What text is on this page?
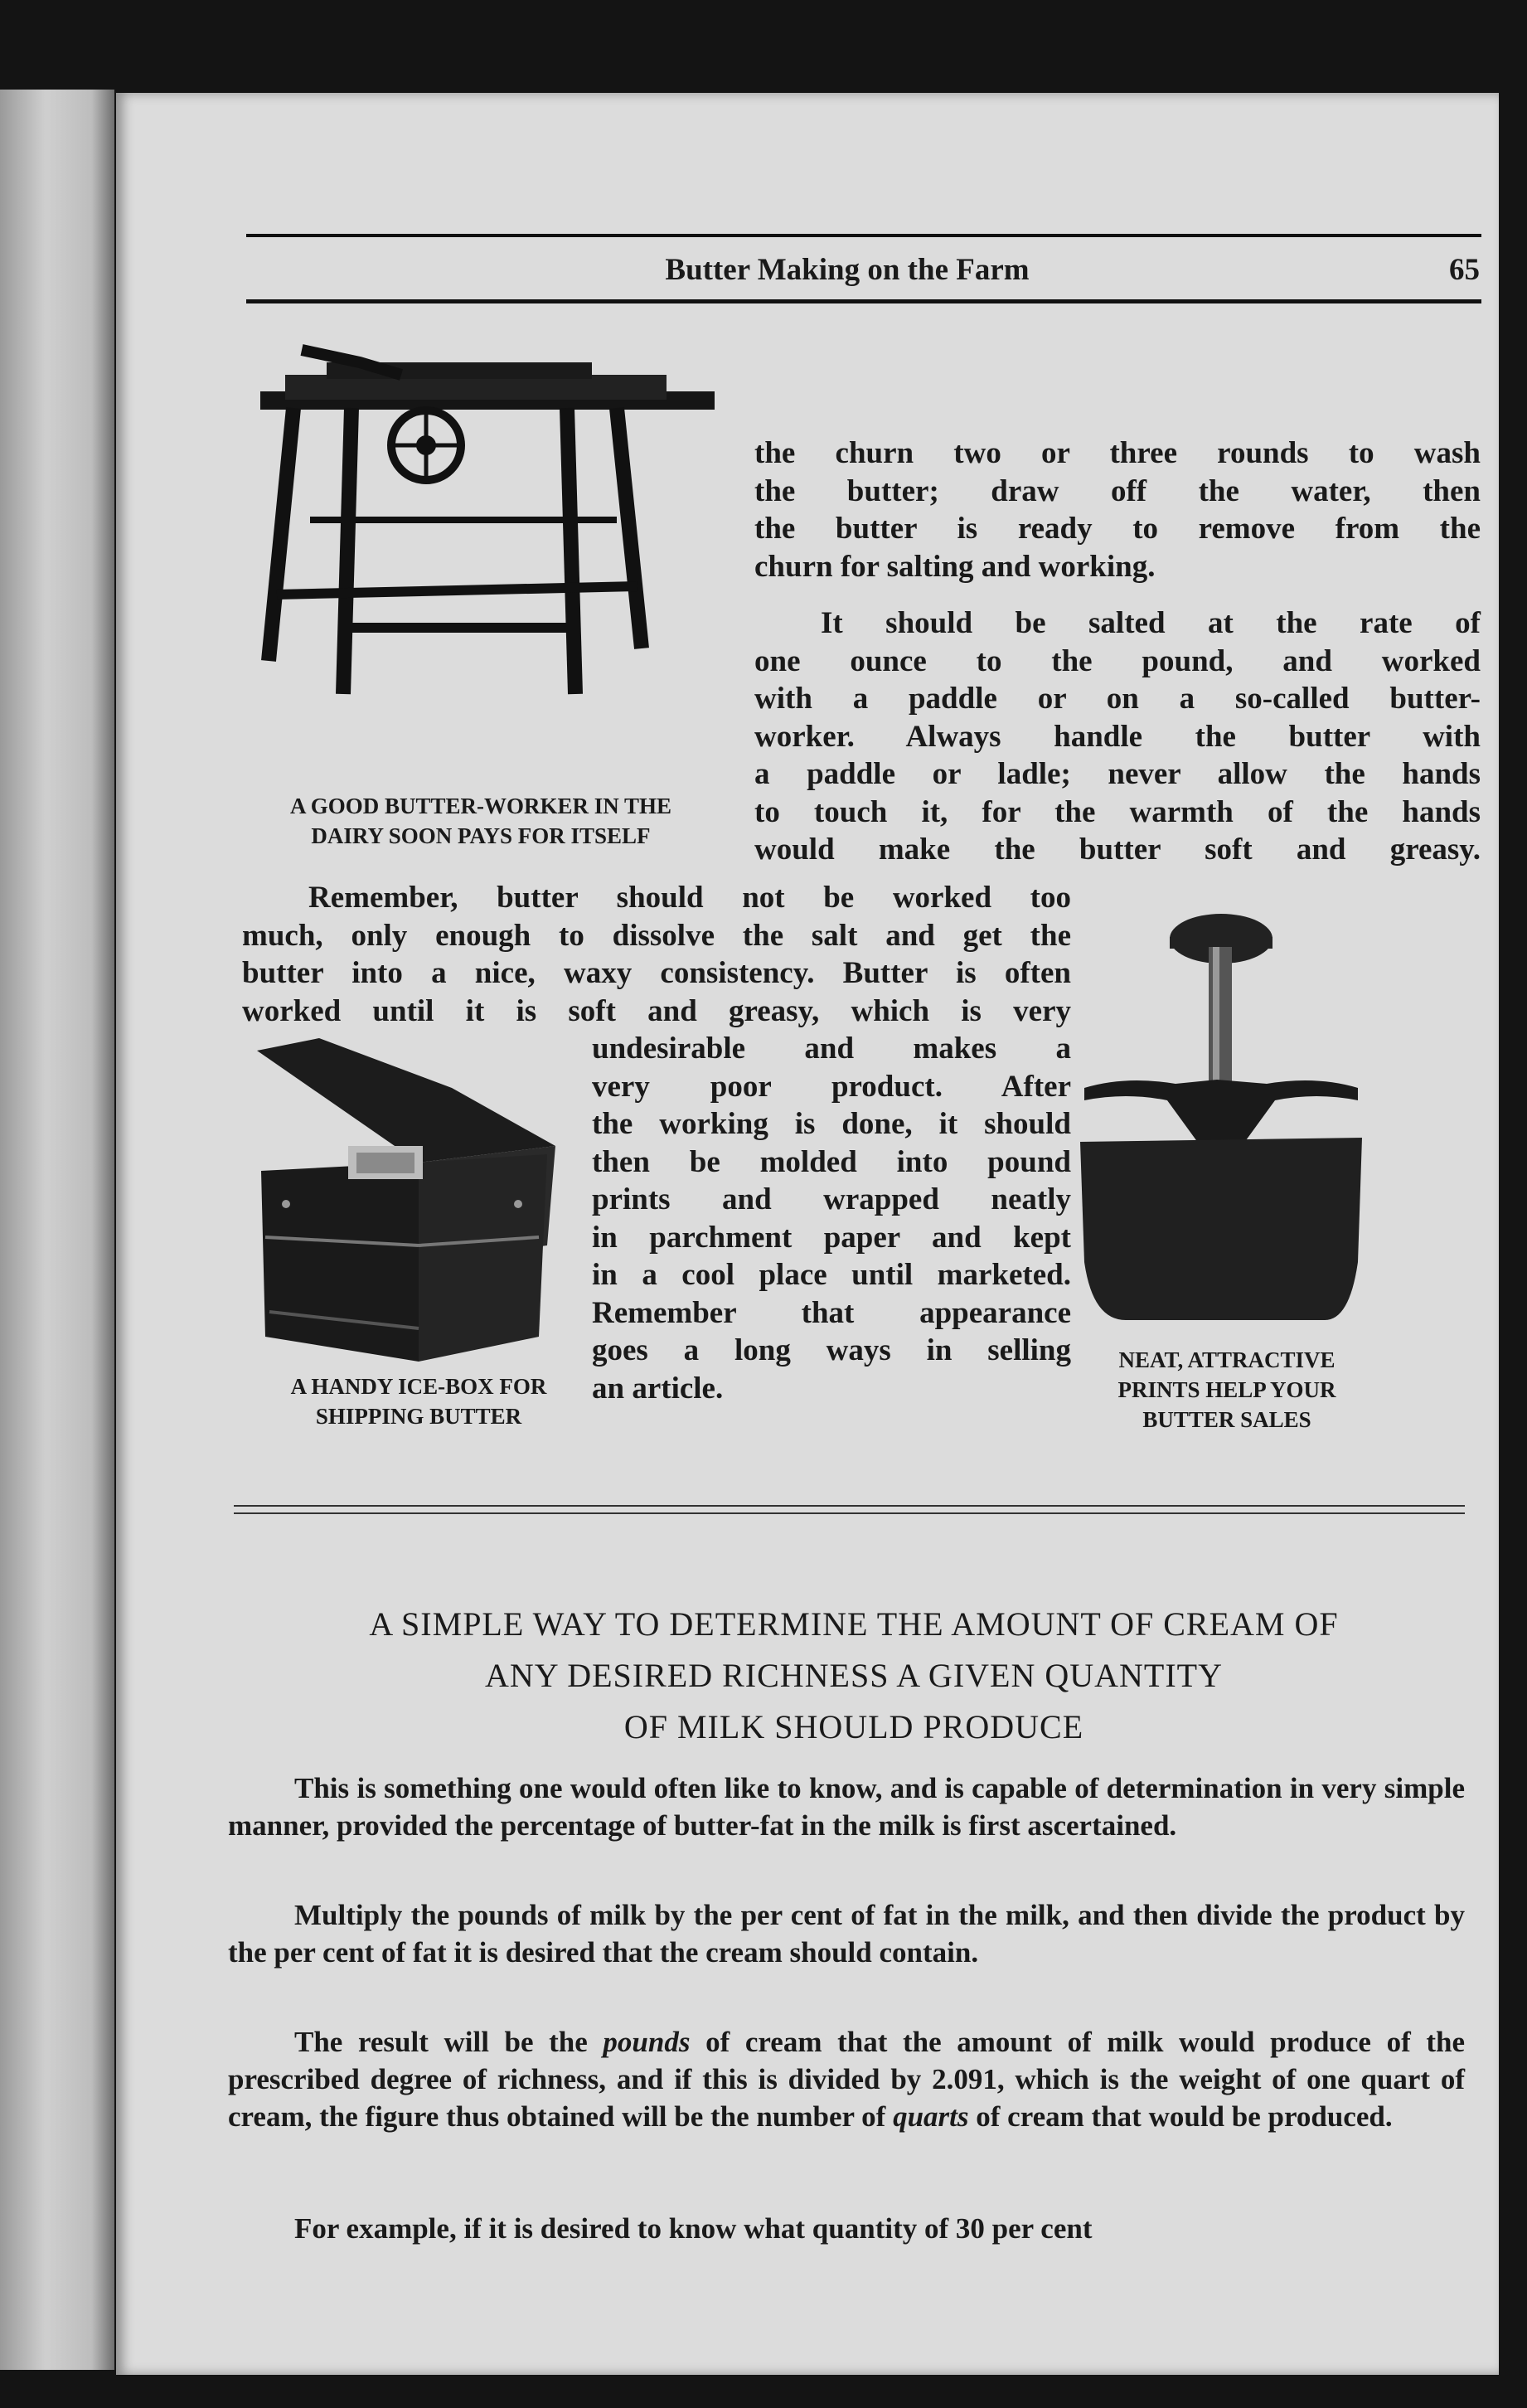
Butter Making on the Farm	65
A GOOD BUTTER-WORKER IN THE
DAIRY SOON PAYS FOR ITSELF
the churn two or three rounds to wash
the butter; draw off the water, then
the butter is ready to remove from the
churn for salting and working.
It should be salted at the rate of
one ounce to the pound, and worked
with a paddle or on a so-called butter-
worker. Always handle the butter with
a paddle or ladle; never allow the hands
to touch it, for the warmth of the hands
would make the butter soft and greasy.
Remember, butter should not be worked too
much, only enough to dissolve the salt and get the
butter into a nice, waxy consistency. Butter is often
worked until it is soft and greasy, which is very
A HANDY ICE-BOX FOR
SHIPPING BUTTER
undesirable and makes a
very poor product. After
the working is done, it should
then be molded into pound
prints and wrapped neatly
in parchment paper and kept
in a cool place until marketed.
Remember that appearance
goes a long ways in selling
an article.
NEAT, ATTRACTIVE
PRINTS HELP YOUR
BUTTER SALES
A SIMPLE WAY TO DETERMINE THE AMOUNT OF CREAM OF
ANY DESIRED RICHNESS A GIVEN QUANTITY
OF MILK SHOULD PRODUCE
This is something one would often like to know, and is capable of determination in very simple manner, provided the percentage of butter-fat in the milk is first ascertained.
Multiply the pounds of milk by the per cent of fat in the milk, and then divide the product by the per cent of fat it is desired that the cream should contain.
The result will be the pounds of cream that the amount of milk would produce of the prescribed degree of richness, and if this is divided by 2.091, which is the weight of one quart of cream, the figure thus obtained will be the number of quarts of cream that would be produced.
For example, if it is desired to know what quantity of 30 per cent
